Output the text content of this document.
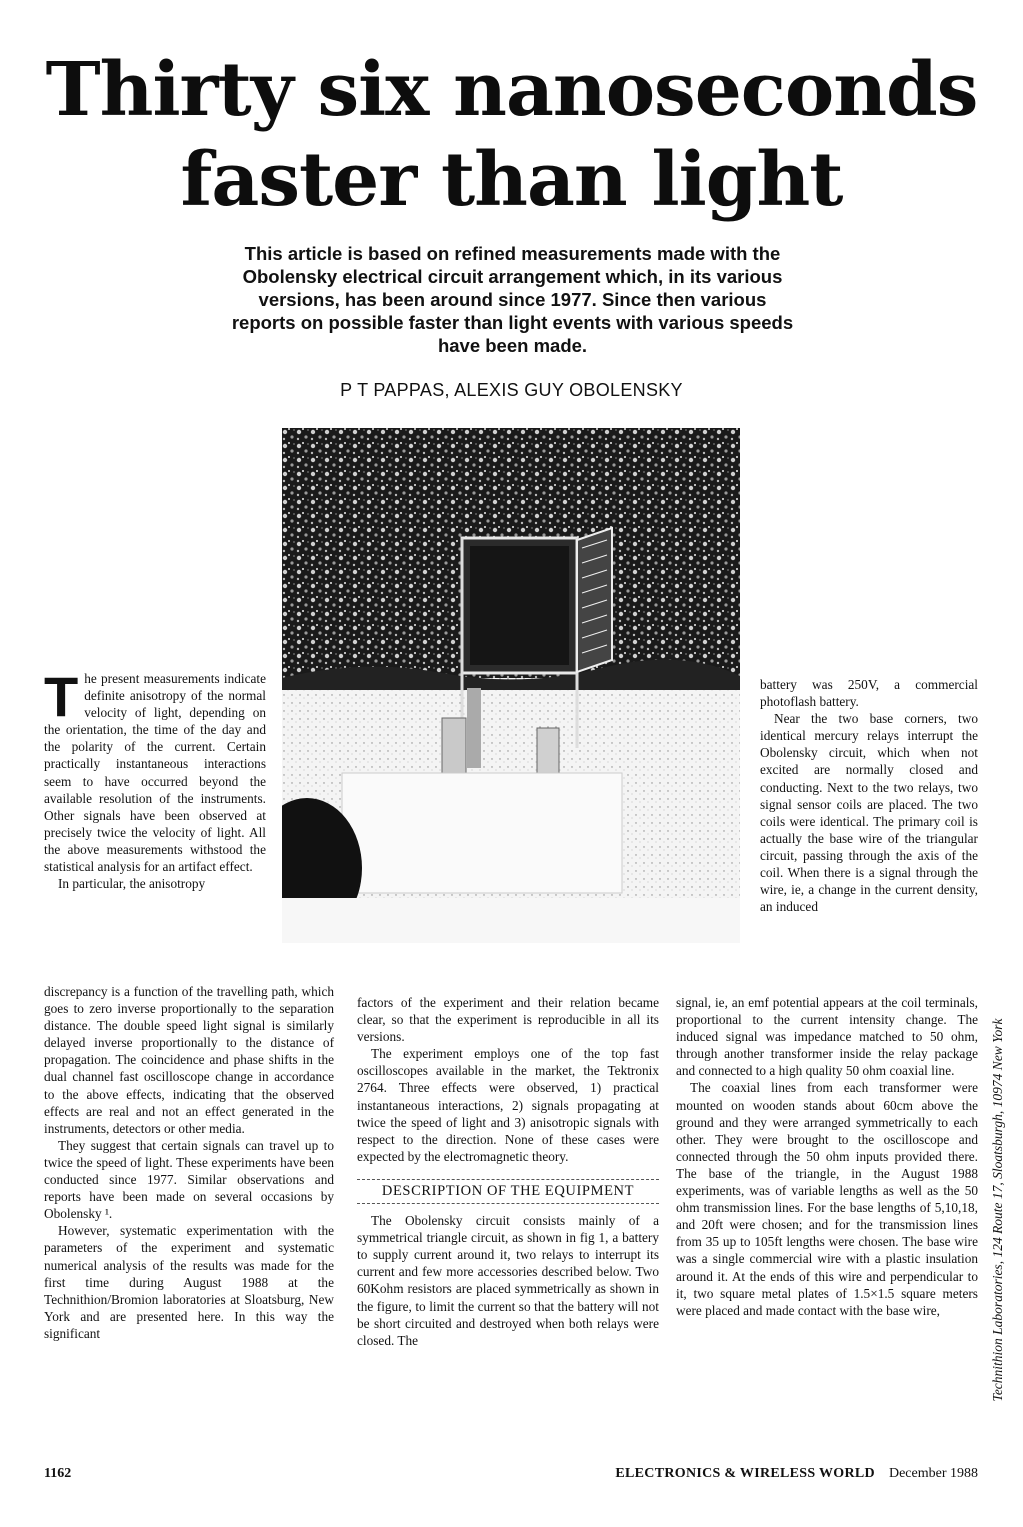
Thirty six nanoseconds
faster than light
This article is based on refined measurements made with the Obolensky electrical circuit arrangement which, in its various versions, has been around since 1977. Since then various reports on possible faster than light events with various speeds have been made.
P T PAPPAS, ALEXIS GUY OBOLENSKY
T he present measurements indicate definite anisotropy of the normal velocity of light, depending on the orientation, the time of the day and the polarity of the current. Certain practically instantaneous interactions seem to have occurred beyond the available resolution of the instruments. Other signals have been observed at precisely twice the velocity of light. All the above measurements withstood the statistical analysis for an artifact effect.

In particular, the anisotropy

discrepancy is a function of the travelling path, which goes to zero inverse proportionally to the separation distance. The double speed light signal is similarly delayed inverse proportionally to the distance of propagation. The coincidence and phase shifts in the dual channel fast oscilloscope change in accordance to the above effects, indicating that the observed effects are real and not an effect generated in the instruments, detectors or other media.

They suggest that certain signals can travel up to twice the speed of light. These experiments have been conducted since 1977. Similar observations and reports have been made on several occasions by Obolensky ¹.

However, systematic experimentation with the parameters of the experiment and systematic numerical analysis of the results was made for the first time during August 1988 at the Technithion/Bromion laboratories at Sloatsburg, New York and are presented here. In this way the significant

factors of the experiment and their relation became clear, so that the experiment is reproducible in all its versions.

The experiment employs one of the top fast oscilloscopes available in the market, the Tektronix 2764. Three effects were observed, 1) practical instantaneous interactions, 2) signals propagating at twice the speed of light and 3) anisotropic signals with respect to the direction. None of these cases were expected by the electromagnetic theory.

DESCRIPTION OF THE EQUIPMENT

The Obolensky circuit consists mainly of a symmetrical triangle circuit, as shown in fig 1, a battery to supply current around it, two relays to interrupt its current and few more accessories described below. Two 60Kohm resistors are placed symmetrically as shown in the figure, to limit the current so that the battery will not be short circuited and destroyed when both relays were closed. The

battery was 250V, a commercial photoflash battery.

Near the two base corners, two identical mercury relays interrupt the Obolensky circuit, which when not excited are normally closed and conducting. Next to the two relays, two signal sensor coils are placed. The two coils were identical. The primary coil is actually the base wire of the triangular circuit, passing through the axis of the coil. When there is a signal through the wire, ie, a change in the current density, an induced

signal, ie, an emf potential appears at the coil terminals, proportional to the current intensity change. The induced signal was impedance matched to 50 ohm, through another transformer inside the relay package and connected to a high quality 50 ohm coaxial line.

The coaxial lines from each transformer were mounted on wooden stands about 60cm above the ground and they were arranged symmetrically to each other. They were brought to the oscilloscope and connected through the 50 ohm inputs provided there. The base of the triangle, in the August 1988 experiments, was of variable lengths as well as the 50 ohm transmission lines. For the base lengths of 5,10,18, and 20ft were chosen; and for the transmission lines from 35 up to 105ft lengths were chosen. The base wire was a single commercial wire with a plastic insulation around it. At the ends of this wire and perpendicular to it, two square metal plates of 1.5×1.5 square meters were placed and made contact with the base wire,	Technithion Laboratories, 124 Route 17, Sloatsburgh, 10974 New York
1162	ELECTRONICS & WIRELESS WORLD December 1988
